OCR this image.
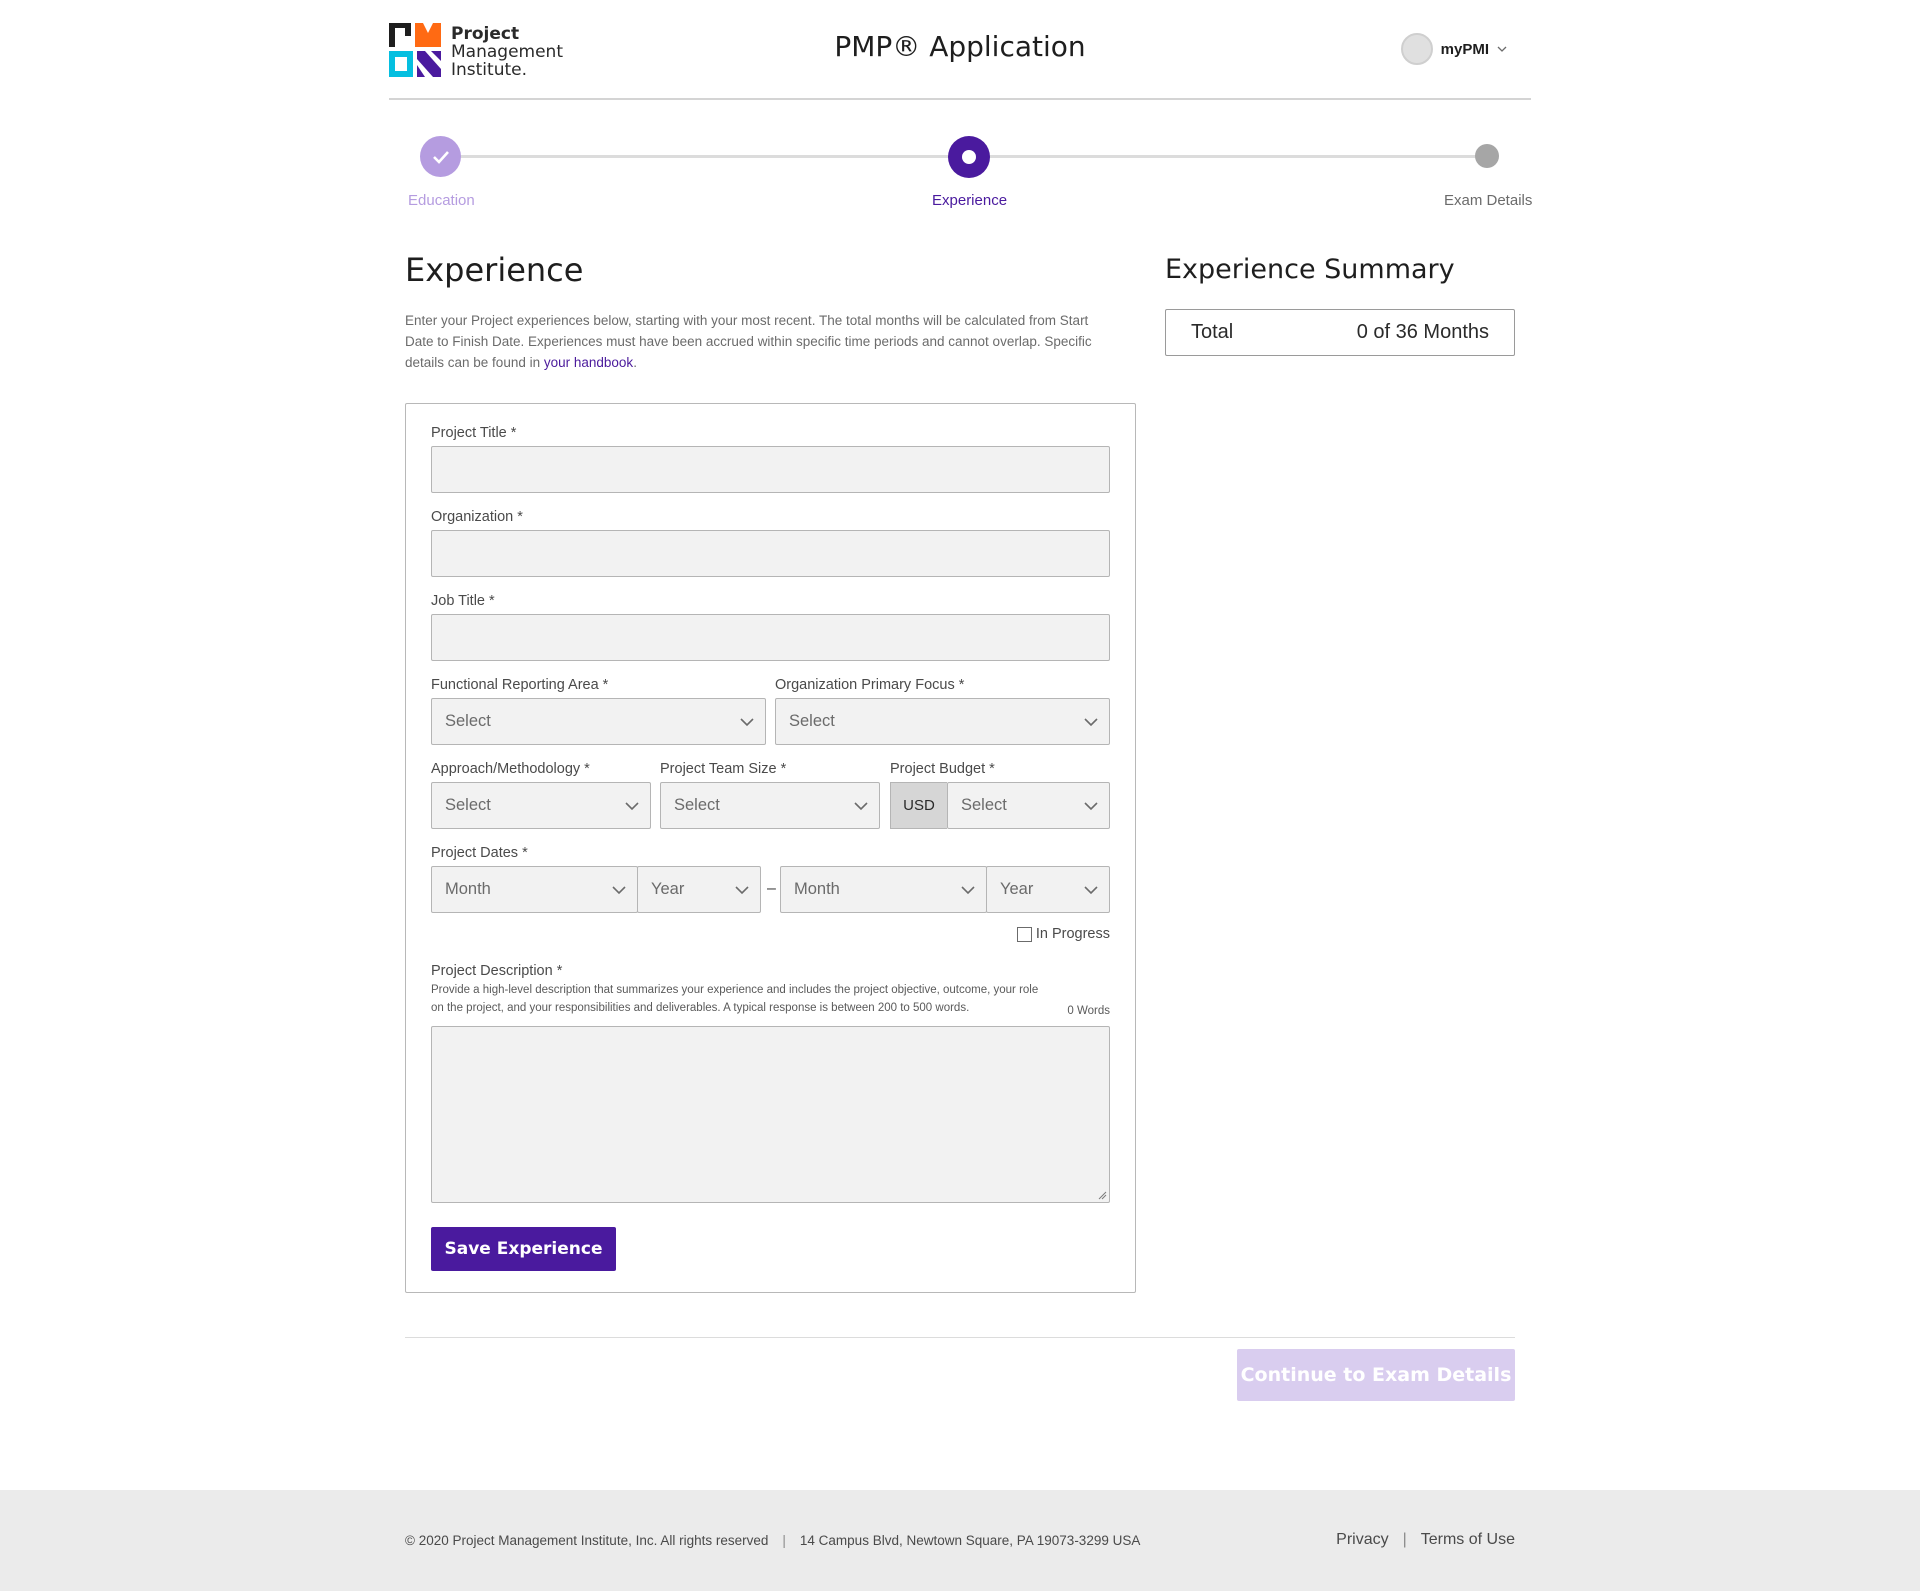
Project
Management
Institute.
PMP® Application	myPMI
Education	Experience	Exam Details
Experience
Enter your Project experiences below, starting with your most recent. The total months will be calculated from Start Date to Finish Date. Experiences must have been accrued within specific time periods and cannot overlap. Specific details can be found in your handbook.
Experience Summary
Total	0 of 36 Months
Project Title *
Organization *
Job Title *
Functional Reporting Area *
Select
Organization Primary Focus *
Select
Approach/Methodology *
Select
Project Team Size *
Select
Project Budget *
USD	Select
Project Dates *
Month	Year	– Month	Year
In Progress
Project Description *
Provide a high-level description that summarizes your experience and includes the project objective, outcome, your role on the project, and your responsibilities and deliverables. A typical response is between 200 to 500 words.	0 Words
Save Experience
Continue to Exam Details
© 2020 Project Management Institute, Inc. All rights reserved | 14 Campus Blvd, Newtown Square, PA 19073-3299 USA	Privacy | Terms of Use
